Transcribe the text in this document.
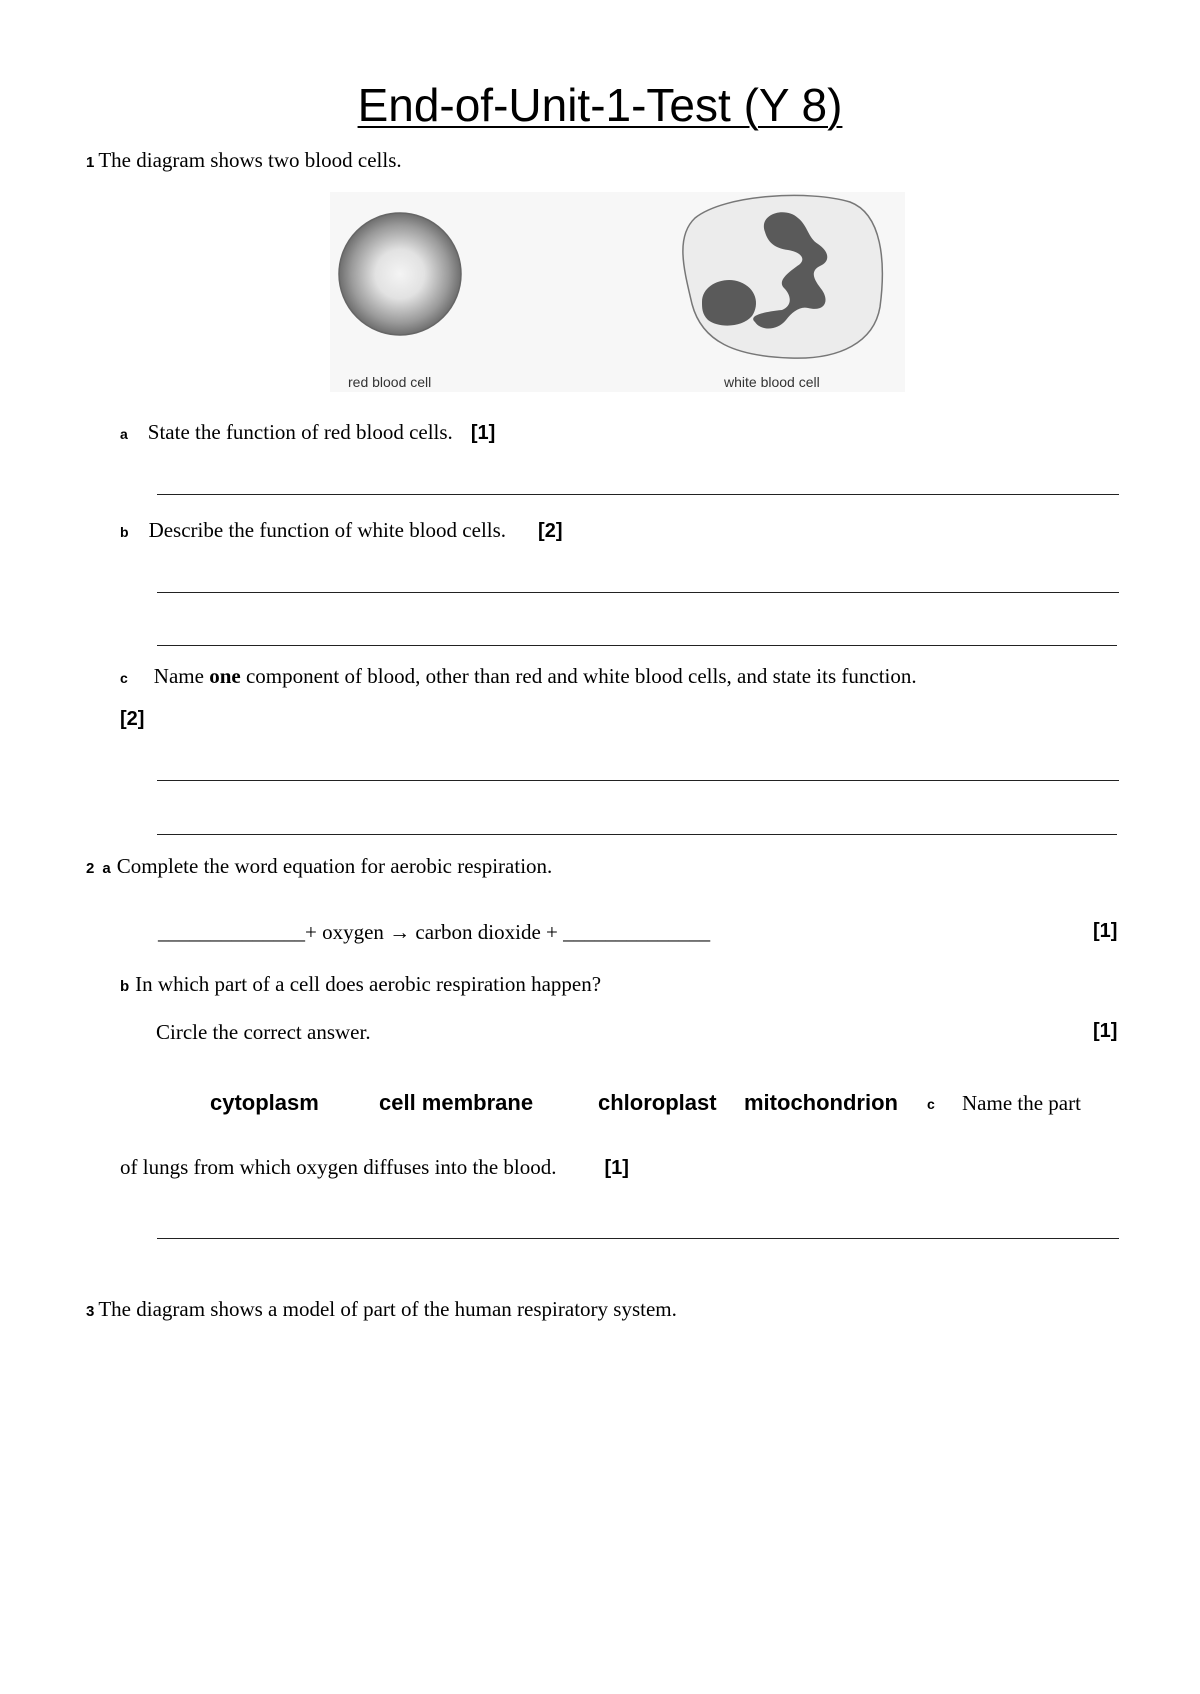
End-of-Unit-1-Test (Y 8)
1 The diagram shows two blood cells.
red blood cell	white blood cell
a State the function of red blood cells. [1]
b Describe the function of white blood cells. [2]
c Name one component of blood, other than red and white blood cells, and state its function.
[2]
2 a Complete the word equation for aerobic respiration.
______________+ oxygen → carbon dioxide + ______________	[1]
b In which part of a cell does aerobic respiration happen?
Circle the correct answer.	[1]
cytoplasm	cell membrane	chloroplast mitochondrion c Name the part
of lungs from which oxygen diffuses into the blood. [1]
3 The diagram shows a model of part of the human respiratory system.
